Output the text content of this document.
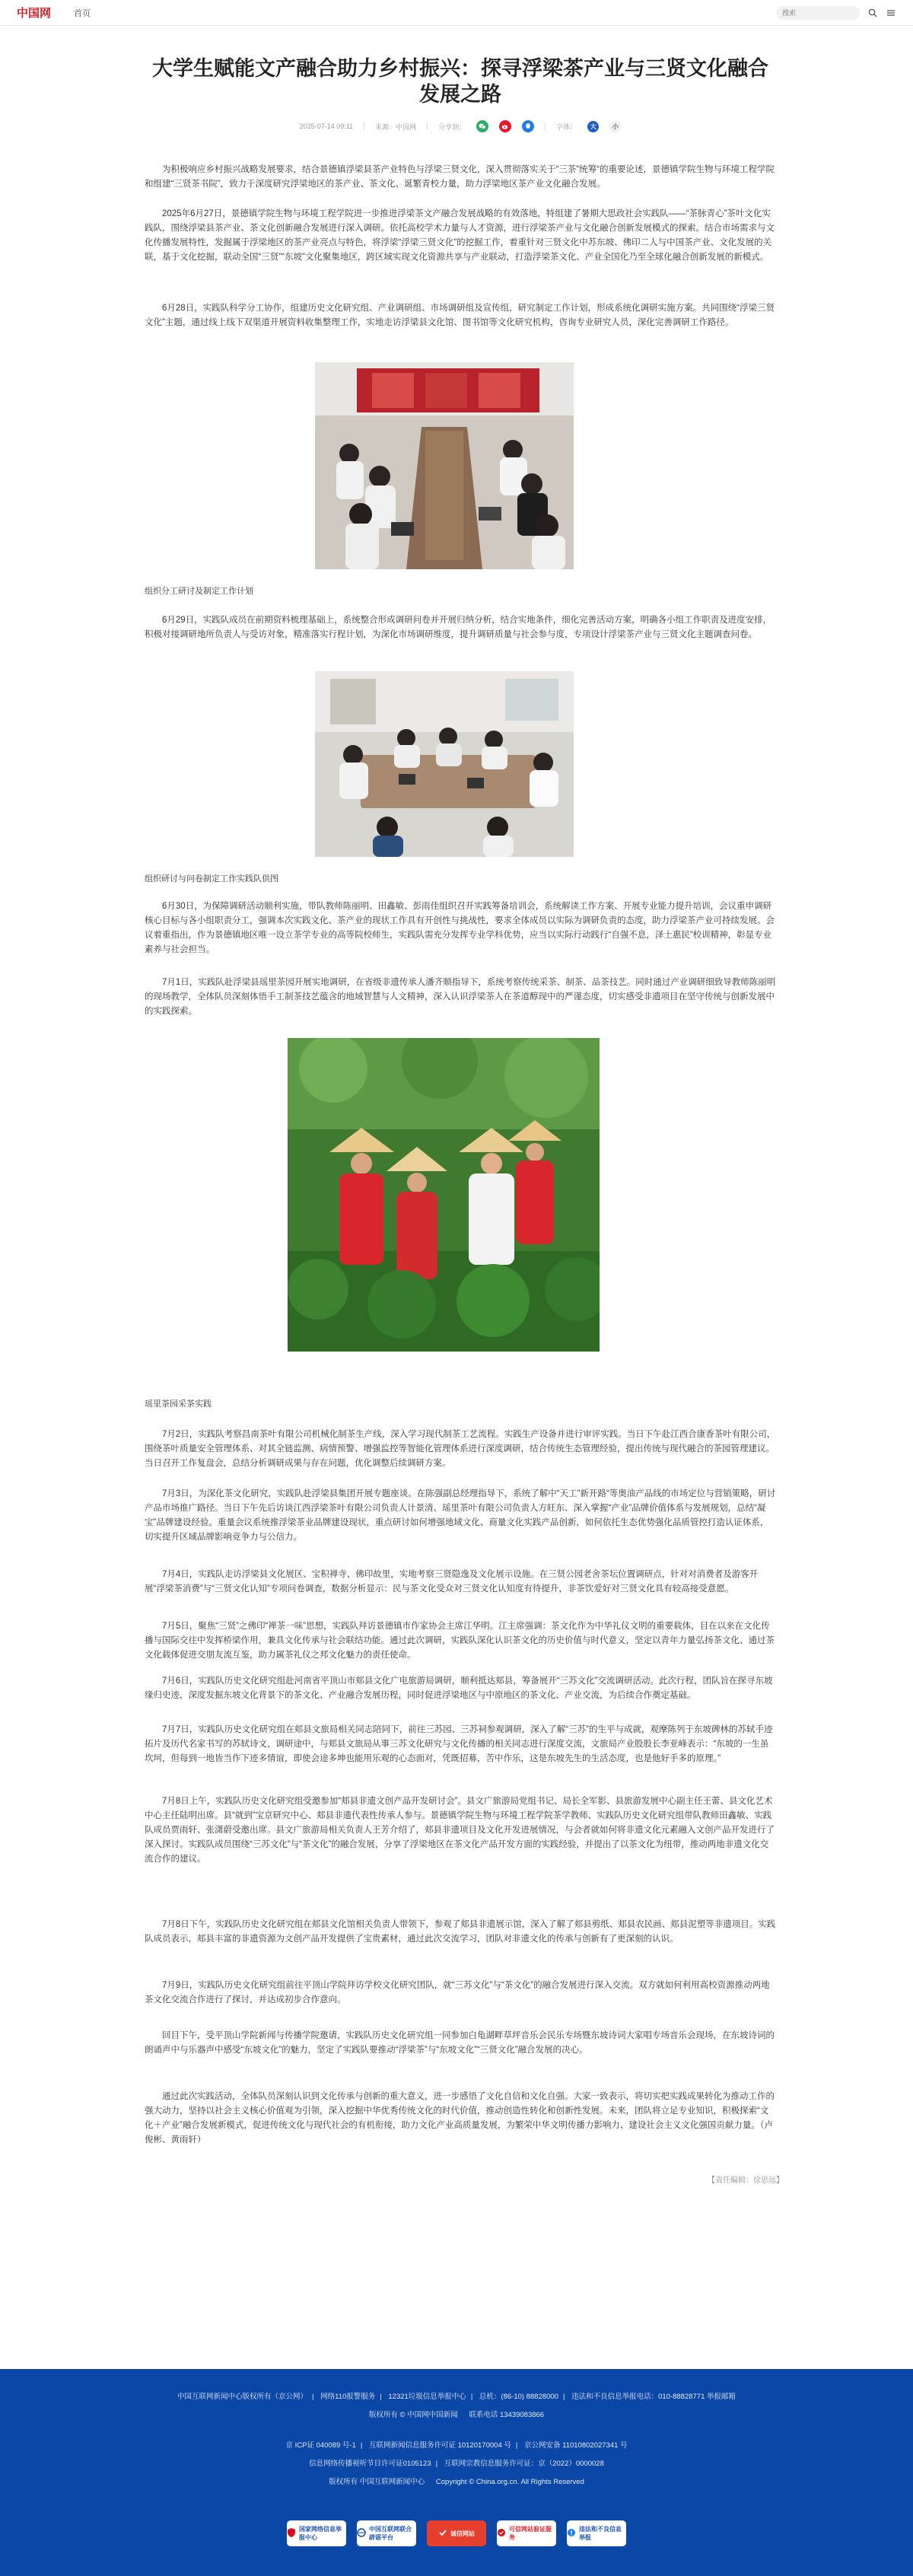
中国网	首页
搜索
大学生赋能文产融合助力乡村振兴：探寻浮梁茶产业与三贤文化融合
发展之路
2025-07-14 09:11	来源：中国网	分享到：	字体：	大	小

为积极响应乡村振兴战略发展要求，结合景德镇浮梁县茶产业特色与浮梁三贤文化，深入贯彻落实关于“三茶”统筹“的重要论述，景德镇学院生物与环境工程学院和组建“三贤茶书院”，致力于深度研究浮梁地区的茶产业、茶文化、诞繁青校力量，助力浮梁地区茶产业文化融合发展。

2025年6月27日，景德镇学院生物与环境工程学院进一步推进浮梁茶文产融合发展战略的有效落地，特组建了暑期大思政社会实践队——“茶脉青心”茶叶文化实践队，围绕浮梁县茶产业、茶文化创新融合发展进行深入调研。依托高校学术力量与人才资源，进行浮梁茶产业与文化融合创新发展模式的探索。结合市场需求与文化传播发展特性，发掘属于浮梁地区的茶产业亮点与特色，将浮梁“浮梁三贤文化”的挖掘工作，着重针对三贤文化中苏东坡、佛印二人与中国茶产业、文化发展的关联，基于文化挖掘，联动全国“三贤”“东坡”文化聚集地区，跨区域实现文化资源共享与产业联动，打造浮梁茶文化、产业全国化乃至全球化融合创新发展的新模式。

6月28日，实践队科学分工协作，组建历史文化研究组、产业调研组、市场调研组及宣传组，研究制定工作计划，形成系统化调研实施方案。共同围绕“浮梁三贤文化”主题，通过线上线下双渠道开展资料收集整理工作，实地走访浮梁县文化馆、图书馆等文化研究机构，咨询专业研究人员，深化完善调研工作路径。

组织分工研讨及制定工作计划

6月29日，实践队成员在前期资料梳理基础上，系统整合形成调研问卷并开展归纳分析，结合实地条件，细化完善活动方案，明确各小组工作职责及进度安排，积极对接调研地所负责人与受访对象，精准落实行程计划，为深化市场调研维度，提升调研质量与社会参与度，专项设计浮梁茶产业与三贤文化主题调查问卷。

组织研讨与问卷制定工作实践队供图

6月30日，为保障调研活动顺利实施，带队教师陈丽明、田鑫敏、彭雨佳组织召开实践筹备培训会，系统解读工作方案、开展专业能力提升培训，会议重申调研核心目标与各小组职责分工，强调本次实践文化、茶产业的现状工作具有开创性与挑战性，要求全体成员以实际为调研负责的态度，助力浮梁茶产业可持续发展。会议着重指出，作为景德镇地区唯一设立茶学专业的高等院校师生，实践队需充分发挥专业学科优势，应当以实际行动践行“自强不息，泽土惠民”校训精神，彰显专业素养与社会担当。

7月1日，实践队赴浮梁县瑶里茶园开展实地调研，在省级非遗传承人潘齐顺指导下，系统考察传统采茶、制茶、品茶技艺。同时通过产业调研细致导教师陈丽明的现场教学，全体队员深刻体悟手工制茶技艺蕴含的地域智慧与人文精神，深入认识浮梁茶人在茶道醇现中的严谨态度，切实感受非遗项目在坚守传统与创新发展中的实践探索。

瑶里茶园采茶实践

7月2日，实践队考察昌南茶叶有限公司机械化制茶生产线，深入学习现代制茶工艺流程。实践生产设备并进行审评实践。当日下午赴江西合康香茶叶有限公司，围绕茶叶质量安全管理体系、对其全链监测、病情预警、增强监控等智能化管理体系进行深度调研，结合传统生态管理经验，提出传统与现代融合的茶园管理建议。当日召开工作复盘会，总结分析调研成果与存在问题，优化调整后续调研方案。

7月3日，为深化茶文化研究，实践队赴浮梁县集团开展专题座谈。在陈强副总经理指导下，系统了解中“天工”新开路“等奥油产品线的市场定位与营销策略，研讨产品市场推广路径。当日下午先后访谈江西浮梁茶叶有限公司负责人计景清、瑶里茶叶有限公司负责人方旺东、深入掌握“产业”品牌价值体系与发展规划，总结“凝宝”品牌建设经验。重量会议系统推浮梁茶业品牌建设现状，重点研讨如何增强地域文化、商量文化实践产品创新，如何依托生态优势强化品质管控打造认证体系，切实提升区域品牌影响竞争力与公信力。

7月4日，实践队走访浮梁县文化展区、宝积禅寺、佛印故里，实地考察三贤隐逸及文化展示设施。在三贤公园老舍茶坛位置调研点，针对对消费者及游客开展“浮梁茶消费”与“三贤文化认知”专项问卷调查，数据分析显示：民与茶文化受众对三贤文化认知度有待提升，非茶饮爱好对三贤文化具有较高接受意愿。

7月5日，聚焦“三贤”之佛印“禅茶一味”思想，实践队拜访景德镇市作家协会主席江华明。江主席强调：茶文化作为中华礼仪文明的重要载体，目在以来在文化传播与国际交往中发挥桥梁作用，兼具文化传承与社会联结功能。通过此次调研，实践队深化认识茶文化的历史价值与时代意义，坚定以青年力量弘扬茶文化、通过茶文化载体促进交朋友流互鉴，助力属茶礼仪之邦文化魅力的责任使命。

7月6日，实践队历史文化研究组赴河南省平顶山市郏县文化广电旅游局调研，顺利抵达郏县，筹备展开“三苏文化”交流调研活动。此次行程，团队旨在探寻东坡缘归史迹，深度发掘东坡文化背景下的茶文化、产业融合发展历程，同时促进浮梁地区与中原地区的茶文化、产业交流，为后续合作奠定基础。

7月7日，实践队历史文化研究组在郏县文旅局相关同志陪同下，前往三苏园、三苏祠参观调研，深入了解“三苏”的生平与成就，观摩陈列于东坡碑林的苏轼手迹拓片及历代名家书写的苏轼诗文，调研途中，与郏县文旅局从事三苏文化研究与文化传播的相关同志进行深度交流，文旅局产业股股长李亚峰表示：“东坡的一生虽坎坷，但每到一地皆当作下迹多情谊，即使会途多坤也能用乐观的心态面对，凭既招募，苦中作乐，这是东坡先生的生活态度，也是他好手多的原理。”

7月8日上午，实践队历史文化研究组受邀参加“郏县非遗文创产品开发研讨会”。县文广旅游局党组书记、局长全军影、县旅游发展中心副主任王蕾、县文化艺术中心主任陆明出席。县“就到”宝京研究中心、郏县非遗代表性传承人参与。景德镇学院生物与环境工程学院茶学教师、实践队历史文化研究组带队教师田鑫敏、实践队成员贾雨轩、张潇蔚受邀出席。县文广旅游局相关负责人王芳介绍了，郏县非遗项目及文化开发进展情况，与会者就如何将非遗文化元素融入文创产品开发进行了深入探讨。实践队成员围绕“三苏文化”与“茶文化”的融合发展，分享了浮梁地区在茶文化产品开发方面的实践经验，并提出了以茶文化为纽带，推动两地非遗文化交流合作的建议。

7月8日下午，实践队历史文化研究组在郏县文化馆相关负责人带领下，参观了郏县非遗展示馆，深入了解了郏县剪纸、郏县农民画、郏县泥塑等非遗项目。实践队成员表示，郏县丰富的非遗资源为文创产品开发提供了宝贵素材，通过此次交流学习，团队对非遗文化的传承与创新有了更深刻的认识。

7月9日，实践队历史文化研究组前往平顶山学院拜访学校文化研究团队，就“三苏文化”与“茶文化”的融合发展进行深入交流。双方就如何利用高校资源推动两地茶文化交流合作进行了探讨，并达成初步合作意向。

回目下午，受平顶山学院新闻与传播学院邀请，实践队历史文化研究组一同参加白龟湖畔草坪音乐会民乐专场暨东坡诗词大家唱专场音乐会现场，在东坡诗词的朗诵声中与乐器声中感受“东坡文化”的魅力，坚定了实践队要推动“浮梁茶”与“东坡文化”“三贤文化”融合发展的决心。

通过此次实践活动，全体队员深刻认识到文化传承与创新的重大意义，进一步感悟了文化自信和文化自强。大家一致表示，将切实把实践成果转化为推动工作的强大动力，坚持以社会主义核心价值观为引领，深入挖掘中华优秀传统文化的时代价值，推动创造性转化和创新性发展。未来，团队将立足专业知识，积极探索“文化＋产业”融合发展新模式，促进传统文化与现代社会的有机衔接，助力文化产业高质量发展，为繁荣中华文明传播力影响力、建设社会主义文化强国贡献力量。（卢俊彬、黄雨轩）

【责任编辑：徐思远】

中国互联网新闻中心版权所有（京公网） | 网络110报警服务 | 12321垃圾信息举报中心 | 总机：(86-10) 88828000 | 违法和不良信息举报电话：010-88828771 举报邮箱
版权所有 © 中国网中国新闻 联系电话 13439083866
京 ICP证 040089 号-1 | 互联网新闻信息服务许可证 10120170004 号 | 京公网安备 11010802027341 号
信息网络传播视听节目许可证0105123 | 互联网宗教信息服务许可证：京（2022）0000028
版权所有 中国互联网新闻中心 Copyright © China.org.cn. All Rights Reserved
国家网络信息举报中心
中国互联网联合辟谣平台
诚信网站
可信网站验证服务
违法和不良信息举报
